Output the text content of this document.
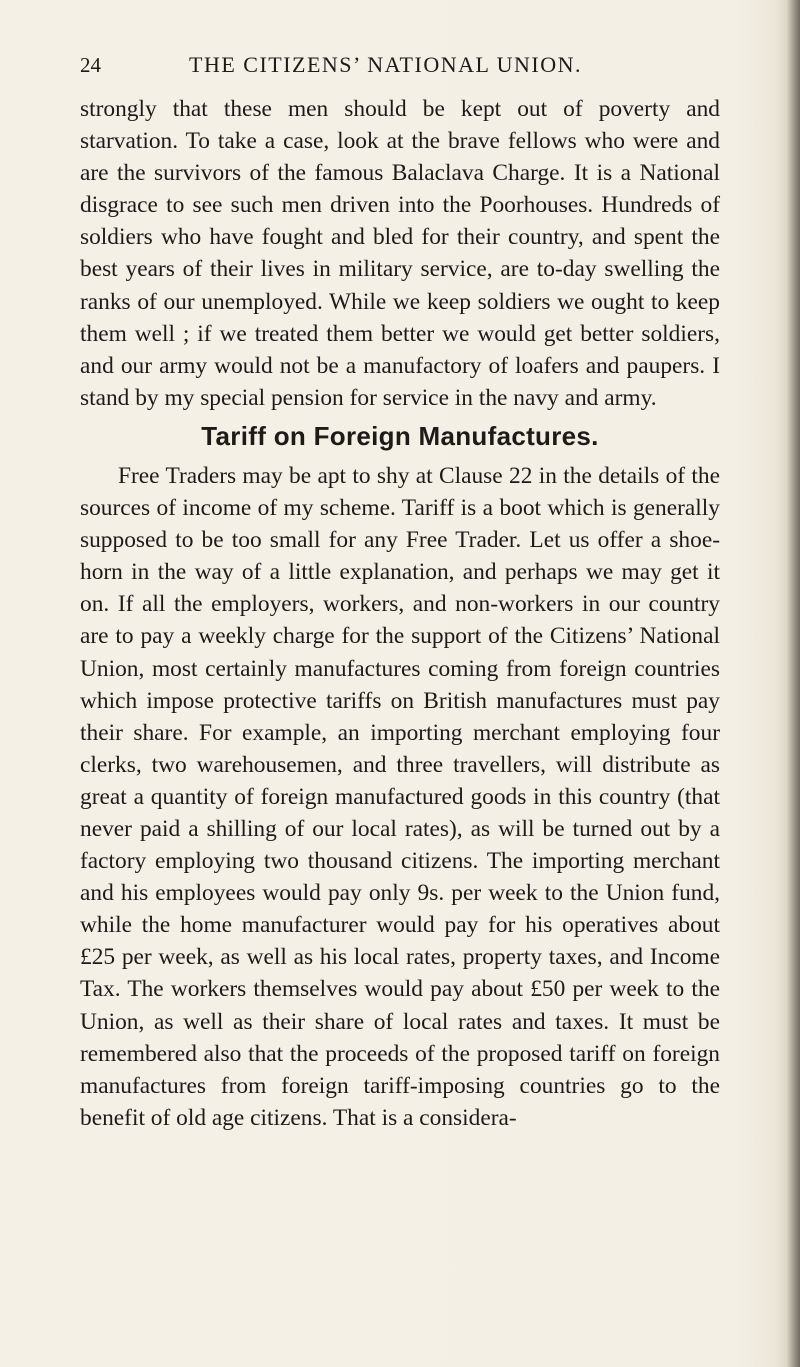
24	THE CITIZENS’ NATIONAL UNION.

strongly that these men should be kept out of poverty and starvation. To take a case, look at the brave fellows who were and are the survivors of the famous Balaclava Charge. It is a National disgrace to see such men driven into the Poorhouses. Hundreds of soldiers who have fought and bled for their country, and spent the best years of their lives in military service, are to-day swelling the ranks of our unemployed. While we keep soldiers we ought to keep them well ; if we treated them better we would get better soldiers, and our army would not be a manufactory of loafers and paupers. I stand by my special pension for service in the navy and army.

Tariff on Foreign Manufactures.

Free Traders may be apt to shy at Clause 22 in the details of the sources of income of my scheme. Tariff is a boot which is generally supposed to be too small for any Free Trader. Let us offer a shoe-horn in the way of a little explanation, and perhaps we may get it on. If all the employers, workers, and non-workers in our country are to pay a weekly charge for the support of the Citizens’ National Union, most certainly manufactures coming from foreign countries which impose protective tariffs on British manufactures must pay their share. For example, an importing merchant employing four clerks, two warehousemen, and three travellers, will distribute as great a quantity of foreign manufactured goods in this country (that never paid a shilling of our local rates), as will be turned out by a factory employing two thousand citizens. The importing merchant and his employees would pay only 9s. per week to the Union fund, while the home manufacturer would pay for his operatives about £25 per week, as well as his local rates, property taxes, and Income Tax. The workers themselves would pay about £50 per week to the Union, as well as their share of local rates and taxes. It must be remembered also that the proceeds of the proposed tariff on foreign manufactures from foreign tariff-imposing countries go to the benefit of old age citizens. That is a considera-
